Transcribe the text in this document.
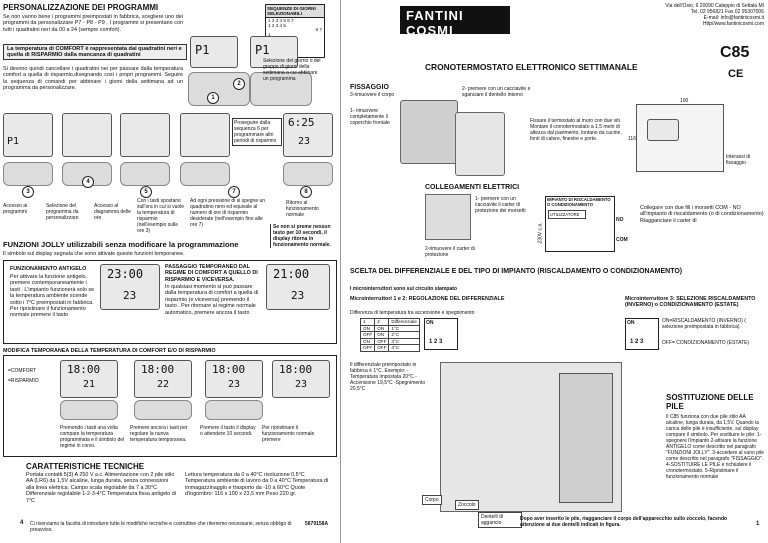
PERSONALIZZAZIONE DEI PROGRAMMI
Se non vanno bene i programmi preimpostati in fabbrica, scegliere uno dei programmi da personalizzare P7 - P8 - P9 . I programmi si presentano con tutti i quadratini neri da 00 a 24 (sempre comfort).
La temperatura di COMFORT è rappresentata dai quadratini neri e quella di RISPARMIO dalla mancanza di quadratini
Si devono quindi cancellare i quadratini nei per passare dalla temperatura comfort a quella di risparmio,disegnando così i propri programmi. Seguire la sequenza di comandi per abbinare i giorni della settimana ad un programma da personalizzare.
SEQUENZE DI GIORNI SELEZIONABILI
1 2 3 4 5 6 7
1 2 3 4 5
6 7
1
P1	P1
1
2
Selezione del giorno o del gruppo di giorni della settimana a cui abbinare un programma
P1
Proseguire dalla sequenza 6 per programmare altri periodi di risparmio
6:25
23
3
4
5	7	8
Accesso ai programmi
Selezione del programma da personalizzare
Accesso al diagramma delle ore
Con i tasti spostarsi sull'ora in cui si vuole la temperatura di risparmio (nell'esempio sulle ore 3)
Ad ogni pressione di si spegne un quadratino nero ed equivale al numero di ore di risparmio desiderate (nell'esempio fino alle ore 7)
Ritorno al funzionamento normale
Se non si preme nessun tasto per 10 secondi, il display ritorna in funzionamento normale.
FUNZIONI JOLLY utilizzabili senza modificare la programmazione
Il simbolo sul display segnala che sono attivate queste funzioni temporanee.
FUNZIONAMENTO ANTIGELO
Per attivare la funzione antigelo, premere contemporaneamente i tasti . L'impianto funzionerà solo se la temperatura ambiente scende sotto i 7°C preimpostati in fabbrica. Per ripristinare il funzionamento normale premere il tasto
23:00
23
PASSAGGIO TEMPORANEO DAL REGIME DI COMFORT A QUELLO DI RISPARMIO E VICEVERSA.
In qualsiasi momento si può passare dalla temperatura di comfort a quella di risparmio (e viceversa) premendo il tasto . Per ritornare al regime normale automatico, premere ancora il tasto
21:00
23
MODIFICA TEMPORANEA DELLA TEMPERATURA DI COMFORT E/O DI RISPARMIO
=COMFORT
=RISPARMIO
18:00
21
18:00
22
18:00
23
18:00
23
Premendo i tasti una volta compare la temperatura programmata e il simbolo del regime in corso.
Premere ancora i tasti per regolare la nuova temperatura temporanea.
Premere il tasto il display o attendere 10 secondi.
Per ripristinare il funzionamento normale premere
CARATTERISTICHE TECNICHE
Portata contatti 5(3) A 250 V a.c. Alimentazione con 2 pile stilo AA (LR6) da 1,5V alcaline, lunga durata, senza connessioni alla linea elettrica. Campo scala regolabile da 7 a 30°C Differenziale regolabile 1-2-3-4°C Temperatura fissa antigelo di 7°C
Lettura temperatura da 0 a 40°C risoluzione 0,5°C Temperatura ambiente di lavoro da 0 a 40°C Temperatura di immagazzinaggio e trasporto da -10 a 60°C Quote d'ingombro: 116 x 100 x 23,5 mm Peso 220 gr.
4 Ci riserviamo la facoltà di introdurre tutte le modifiche tecniche e costruttive che riterremo necessarie, senza obbligo di preavviso.
5679158A
FANTINI COSMI
THE ITALIAN TECHNOLOGY
Via dell'Osio, 6 20090 Caleppio di Settala MI
Tel. 02 956821 Fax 02 95307006
E-mail: info@fantinicosmi.it
Http//www.fantinicosmi.com
C85
CE
CRONOTERMOSTATO ELETTRONICO SETTIMANALE
FISSAGGIO
3-rimuovere il corpo
2- premere con un cacciavite e sganciare il dentello interno
1- rimuovere completamente il coperchio frontale	Fissare il termostato al muro con due viti. Montare il cronotermostato a 1,5 metri di altezza dal pavimento, lontano da cucine, fonti di calore, finestre e porte.
100
116
Interassi di fissaggio
COLLEGAMENTI ELETTRICI
1- premere con un cacciavite il carter di protezione dei morsetti
2-rimuovere il carter di protezione
IMPIANTO DI RISCALDAMENTO O CONDIZIONAMENTO
UTILIZZATORE
NO
COM
230V c.a.
Collegare con due fili i morsetti COM - NO all'impianto di riscaldamento (o di condizionamento) Riagganciare il carter di
SCELTA DEL DIFFERENZIALE E DEL TIPO DI IMPIANTO (RISCALDAMENTO O CONDIZIONAMENTO)
I microinterruttori sono sul circuito stampato
Microinterruttori 1 e 2: REGOLAZIONE DEL DIFFERENZIALE
Differenza di temperatura tra accensione e spegnimento
1	2	Differenziale
ON	ON	1°C
OFF	ON	2°C
ON	OFF	3°C
OFF	OFF	4°C
ON
1 2 3
Microinterruttore 3: SELEZIONE RISCALDAMENTO (INVERNO) o CONDIZIONAMENTO (ESTATE)
ON
1 2 3
ON=RISCALDAMENTO (INVERNO) ( selezione preimpostata in fabbrica)
OFF= CONDIZIONAMENTO (ESTATE)
Il differenziale preimpostato in fabbrica è 1°C. Esempio: -Temperatura impostata 20°C -Accensione 19,5°C -Spegnimento 20,5°C
Corpo
Zoccolo
Dentelli di aggancio
SOSTITUZIONE DELLE PILE
Il C85 funziona con due pile stilo AA alcaline, lunga durata, da 1,5V. Quando la carica delle pile è insufficiente, sul display compare il simbolo. Per sostituire le pile: 1-spegnere l'impianto 2-attivare la funzione ANTIGELO come descritto nel paragrafo "FUNZIONI JOLLY". 3-accedere al vano pile come descritto nel paragrafo "FISSAGGIO". 4-SOSTITUIRE LE PILE e richiudere il cronotermostato. 5-Ripristinare il funzionamento normale
Dopo aver inserito le pile, riagganciare il corpo dell'apparecchio sullo zoccolo, facendo attenzione ai due dentelli indicati in figura.	1
